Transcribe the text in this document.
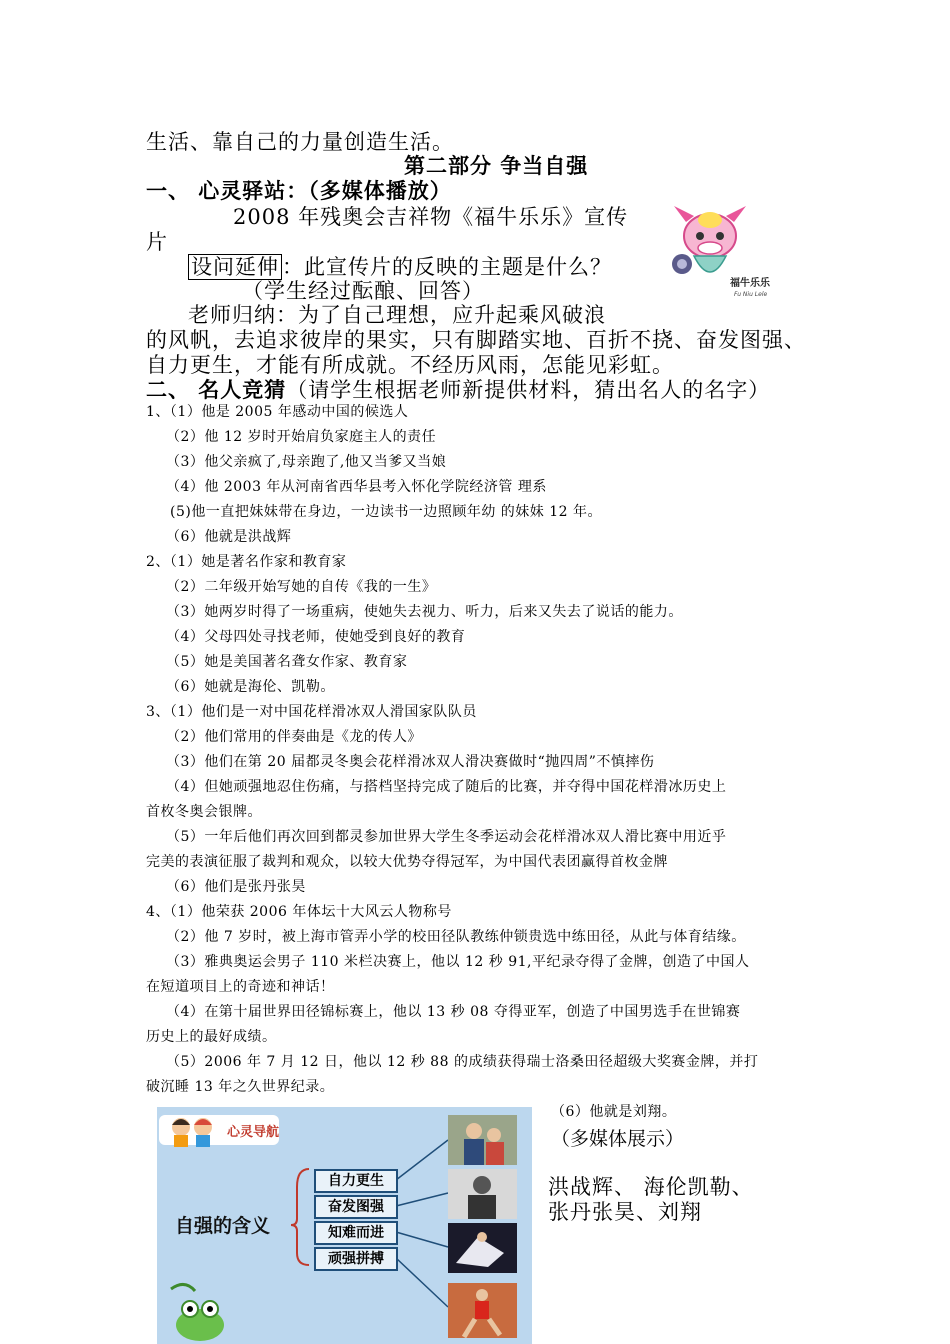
生活、靠自己的力量创造生活。
第二部分 争当自强
一、 心灵驿站：（多媒体播放）
2008 年残奥会吉祥物《福牛乐乐》宣传
片
设问延伸 ：此宣传片的反映的主题是什么？
（学生经过酝酿、回答）
老师归纳：为了自己理想，应升起乘风破浪
的风帆，去追求彼岸的果实，只有脚踏实地、百折不挠、奋发图强、
自力更生，才能有所成就。不经历风雨，怎能见彩虹。
二、 名人竞猜（请学生根据老师新提供材料，猜出名人的名字）
福牛乐乐
Fu Niu Lele
1、（1）他是 2005 年感动中国的候选人
（2）他 12 岁时开始肩负家庭主人的责任
（3）他父亲疯了,母亲跑了,他又当爹又当娘
（4）他 2003 年从河南省西华县考入怀化学院经济管 理系
(5)他一直把妹妹带在身边，一边读书一边照顾年幼 的妹妹 12 年。
（6）他就是洪战辉
2、（1）她是著名作家和教育家
（2）二年级开始写她的自传《我的一生》
（3）她两岁时得了一场重病，使她失去视力、听力，后来又失去了说话的能力。
（4）父母四处寻找老师，使她受到良好的教育
（5）她是美国著名聋女作家、教育家
（6）她就是海伦、凯勒。
3、（1）他们是一对中国花样滑冰双人滑国家队队员
（2）他们常用的伴奏曲是《龙的传人》
（3）他们在第 20 届都灵冬奥会花样滑冰双人滑决赛做时“抛四周”不慎摔伤
（4）但她顽强地忍住伤痛，与搭档坚持完成了随后的比赛，并夺得中国花样滑冰历史上
首枚冬奥会银牌。
（5）一年后他们再次回到都灵参加世界大学生冬季运动会花样滑冰双人滑比赛中用近乎
完美的表演征服了裁判和观众，以较大优势夺得冠军，为中国代表团赢得首枚金牌
（6）他们是张丹张昊
4、（1）他荣获 2006 年体坛十大风云人物称号
（2）他 7 岁时，被上海市管弄小学的校田径队教练仲锁贵选中练田径，从此与体育结缘。
（3）雅典奥运会男子 110 米栏决赛上，他以 12 秒 91,平纪录夺得了金牌，创造了中国人
在短道项目上的奇迹和神话！
（4）在第十届世界田径锦标赛上，他以 13 秒 08 夺得亚军，创造了中国男选手在世锦赛
历史上的最好成绩。
（5）2006 年 7 月 12 日，他以 12 秒 88 的成绩获得瑞士洛桑田径超级大奖赛金牌，并打
破沉睡 13 年之久世界纪录。
（6）他就是刘翔。
（多媒体展示）
洪战辉、 海伦凯勒、
张丹张昊、刘翔
心灵导航
自强的含义
自力更生
奋发图强
知难而进
顽强拼搏
